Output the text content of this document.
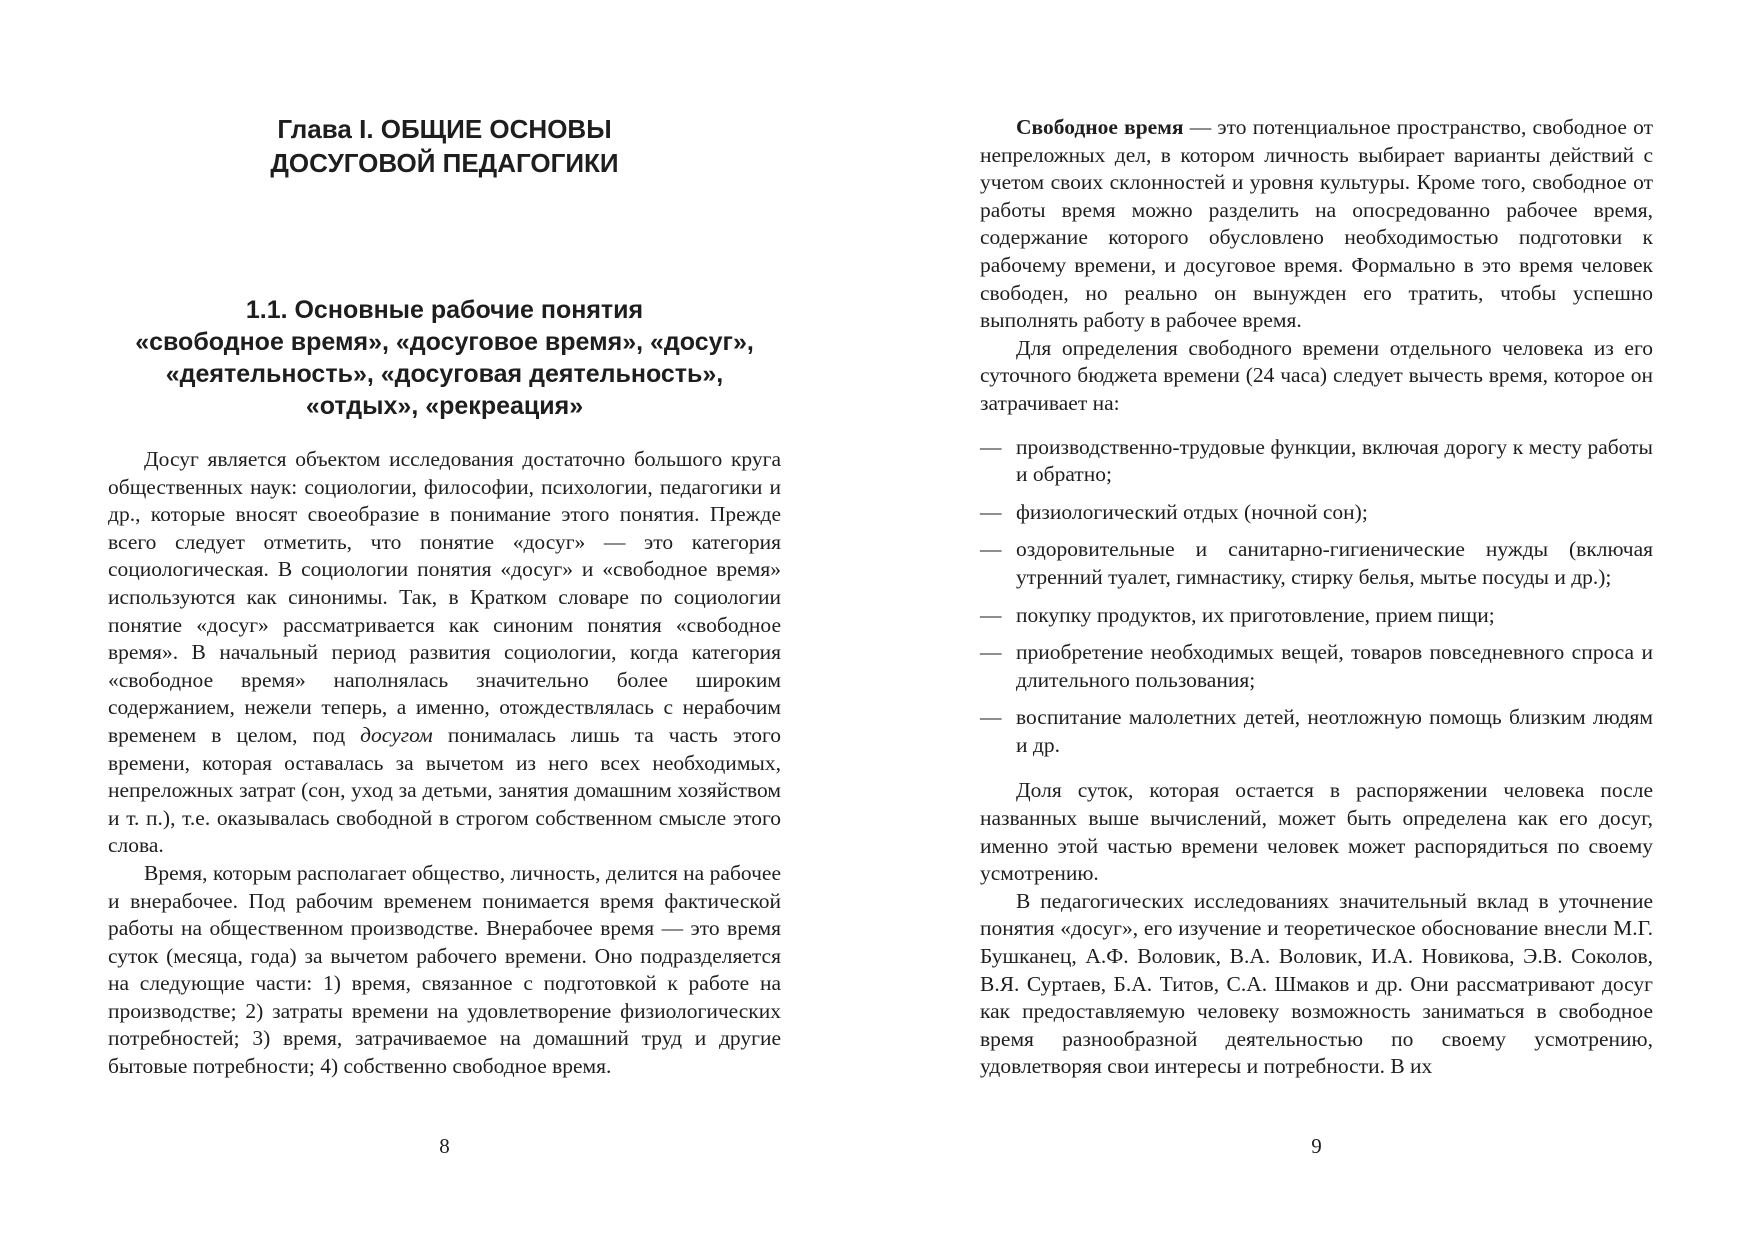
Глава I. ОБЩИЕ ОСНОВЫ
ДОСУГОВОЙ ПЕДАГОГИКИ
1.1. Основные рабочие понятия
«свободное время», «досуговое время», «досуг»,
«деятельность», «досуговая деятельность»,
«отдых», «рекреация»

Досуг является объектом исследования достаточно большого круга общественных наук: социологии, философии, психологии, педагогики и др., которые вносят своеобразие в понимание этого понятия. Прежде всего следует отметить, что понятие «досуг» — это категория социологическая. В социологии понятия «досуг» и «свободное время» используются как синонимы. Так, в Кратком словаре по социологии понятие «досуг» рассматривается как синоним понятия «свободное время». В начальный период развития социологии, когда категория «свободное время» наполнялась значительно более широким содержанием, нежели теперь, а именно, отождествлялась с нерабочим временем в целом, под досугом понималась лишь та часть этого времени, которая оставалась за вычетом из него всех необходимых, непреложных затрат (сон, уход за детьми, занятия домашним хозяйством и т. п.), т.е. оказывалась свободной в строгом собственном смысле этого слова.

Время, которым располагает общество, личность, делится на рабочее и внерабочее. Под рабочим временем понимается время фактической работы на общественном производстве. Внерабочее время — это время суток (месяца, года) за вычетом рабочего времени. Оно подразделяется на следующие части: 1) время, связанное с подготовкой к работе на производстве; 2) затраты времени на удовлетворение физиологических потребностей; 3) время, затрачиваемое на домашний труд и другие бытовые потребности; 4) собственно свободное время.

8

Свободное время — это потенциальное пространство, свободное от непреложных дел, в котором личность выбирает варианты действий с учетом своих склонностей и уровня культуры. Кроме того, свободное от работы время можно разделить на опосредованно рабочее время, содержание которого обусловлено необходимостью подготовки к рабочему времени, и досуговое время. Формально в это время человек свободен, но реально он вынужден его тратить, чтобы успешно выполнять работу в рабочее время.

Для определения свободного времени отдельного человека из его суточного бюджета времени (24 часа) следует вычесть время, которое он затрачивает на:

— производственно-трудовые функции, включая дорогу к месту работы и обратно;
— физиологический отдых (ночной сон);
— оздоровительные и санитарно-гигиенические нужды (включая утренний туалет, гимнастику, стирку белья, мытье посуды и др.);
— покупку продуктов, их приготовление, прием пищи;
— приобретение необходимых вещей, товаров повседневного спроса и длительного пользования;
— воспитание малолетних детей, неотложную помощь близким людям и др.

Доля суток, которая остается в распоряжении человека после названных выше вычислений, может быть определена как его досуг, именно этой частью времени человек может распорядиться по своему усмотрению.

В педагогических исследованиях значительный вклад в уточнение понятия «досуг», его изучение и теоретическое обоснование внесли М.Г. Бушканец, А.Ф. Воловик, В.А. Воловик, И.А. Новикова, Э.В. Соколов, В.Я. Суртаев, Б.А. Титов, С.А. Шмаков и др. Они рассматривают досуг как предоставляемую человеку возможность заниматься в свободное время разнообразной деятельностью по своему усмотрению, удовлетворяя свои интересы и потребности. В их

9
